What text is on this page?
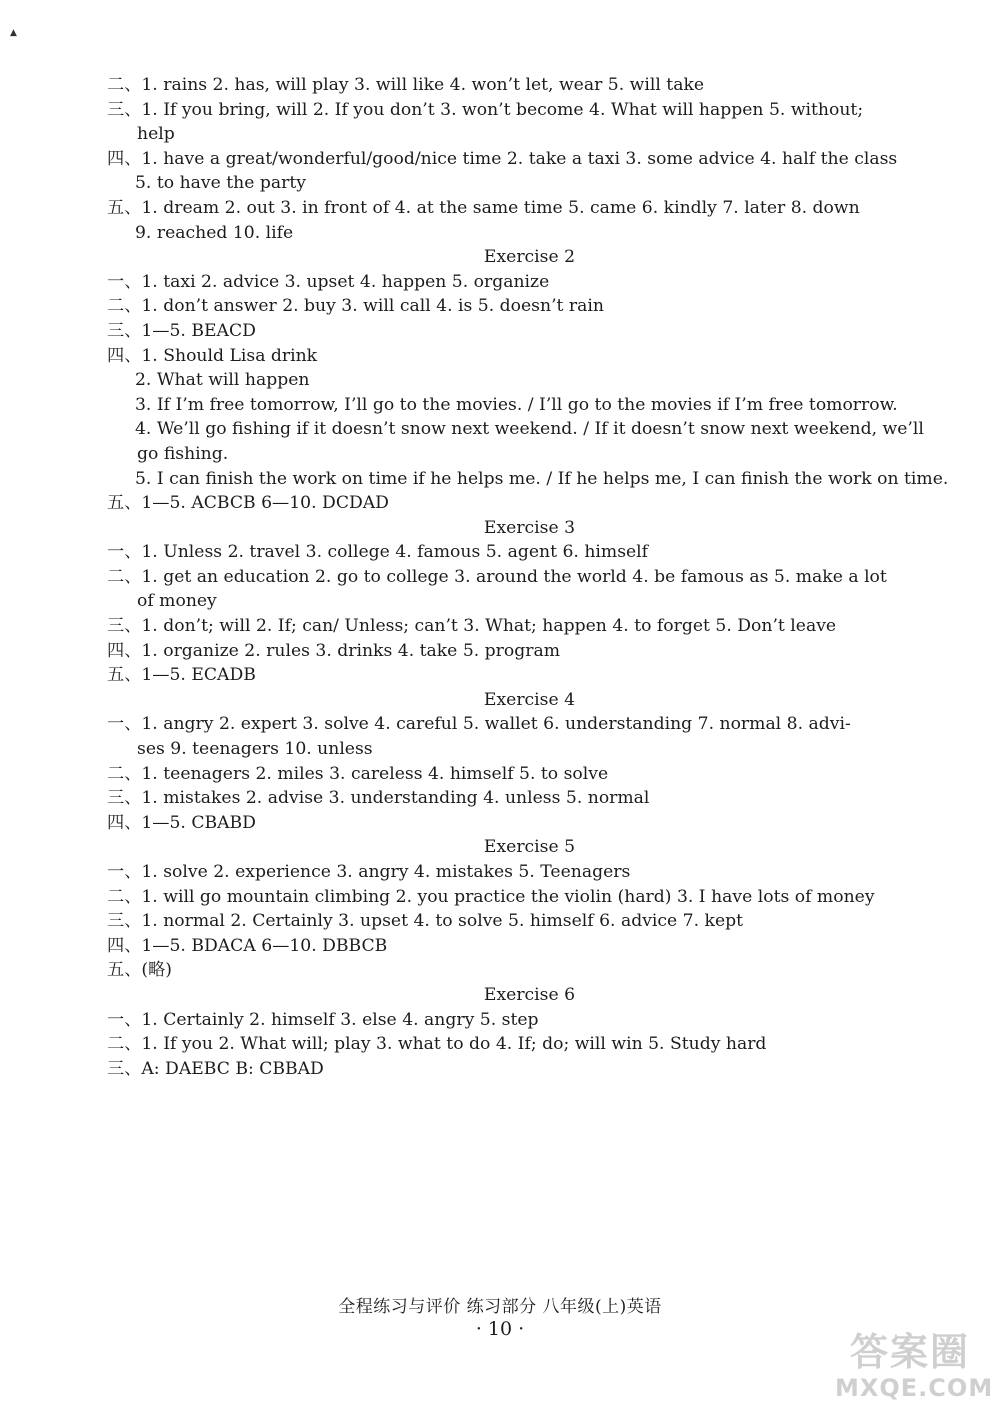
▲
二、1. rains 2. has, will play 3. will like 4. won’t let, wear 5. will take
三、1. If you bring, will 2. If you don’t 3. won’t become 4. What will happen 5. without;
help
四、1. have a great/wonderful/good/nice time 2. take a taxi 3. some advice 4. half the class
5. to have the party
五、1. dream 2. out 3. in front of 4. at the same time 5. came 6. kindly 7. later 8. down
9. reached 10. life
Exercise 2
一、1. taxi 2. advice 3. upset 4. happen 5. organize
二、1. don’t answer 2. buy 3. will call 4. is 5. doesn’t rain
三、1—5. BEACD
四、1. Should Lisa drink
2. What will happen
3. If I’m free tomorrow, I’ll go to the movies. / I’ll go to the movies if I’m free tomorrow.
4. We’ll go fishing if it doesn’t snow next weekend. / If it doesn’t snow next weekend, we’ll
go fishing.
5. I can finish the work on time if he helps me. / If he helps me, I can finish the work on time.
五、1—5. ACBCB 6—10. DCDAD
Exercise 3
一、1. Unless 2. travel 3. college 4. famous 5. agent 6. himself
二、1. get an education 2. go to college 3. around the world 4. be famous as 5. make a lot
of money
三、1. don’t; will 2. If; can/ Unless; can’t 3. What; happen 4. to forget 5. Don’t leave
四、1. organize 2. rules 3. drinks 4. take 5. program
五、1—5. ECADB
Exercise 4
一、1. angry 2. expert 3. solve 4. careful 5. wallet 6. understanding 7. normal 8. advi-
ses 9. teenagers 10. unless
二、1. teenagers 2. miles 3. careless 4. himself 5. to solve
三、1. mistakes 2. advise 3. understanding 4. unless 5. normal
四、1—5. CBABD
Exercise 5
一、1. solve 2. experience 3. angry 4. mistakes 5. Teenagers
二、1. will go mountain climbing 2. you practice the violin (hard) 3. I have lots of money
三、1. normal 2. Certainly 3. upset 4. to solve 5. himself 6. advice 7. kept
四、1—5. BDACA 6—10. DBBCB
五、(略)
Exercise 6
一、1. Certainly 2. himself 3. else 4. angry 5. step
二、1. If you 2. What will; play 3. what to do 4. If; do; will win 5. Study hard
三、A: DAEBC B: CBBAD
全程练习与评价 练习部分 八年级(上)英语
· 10 ·
答案圈
MXQE.COM
